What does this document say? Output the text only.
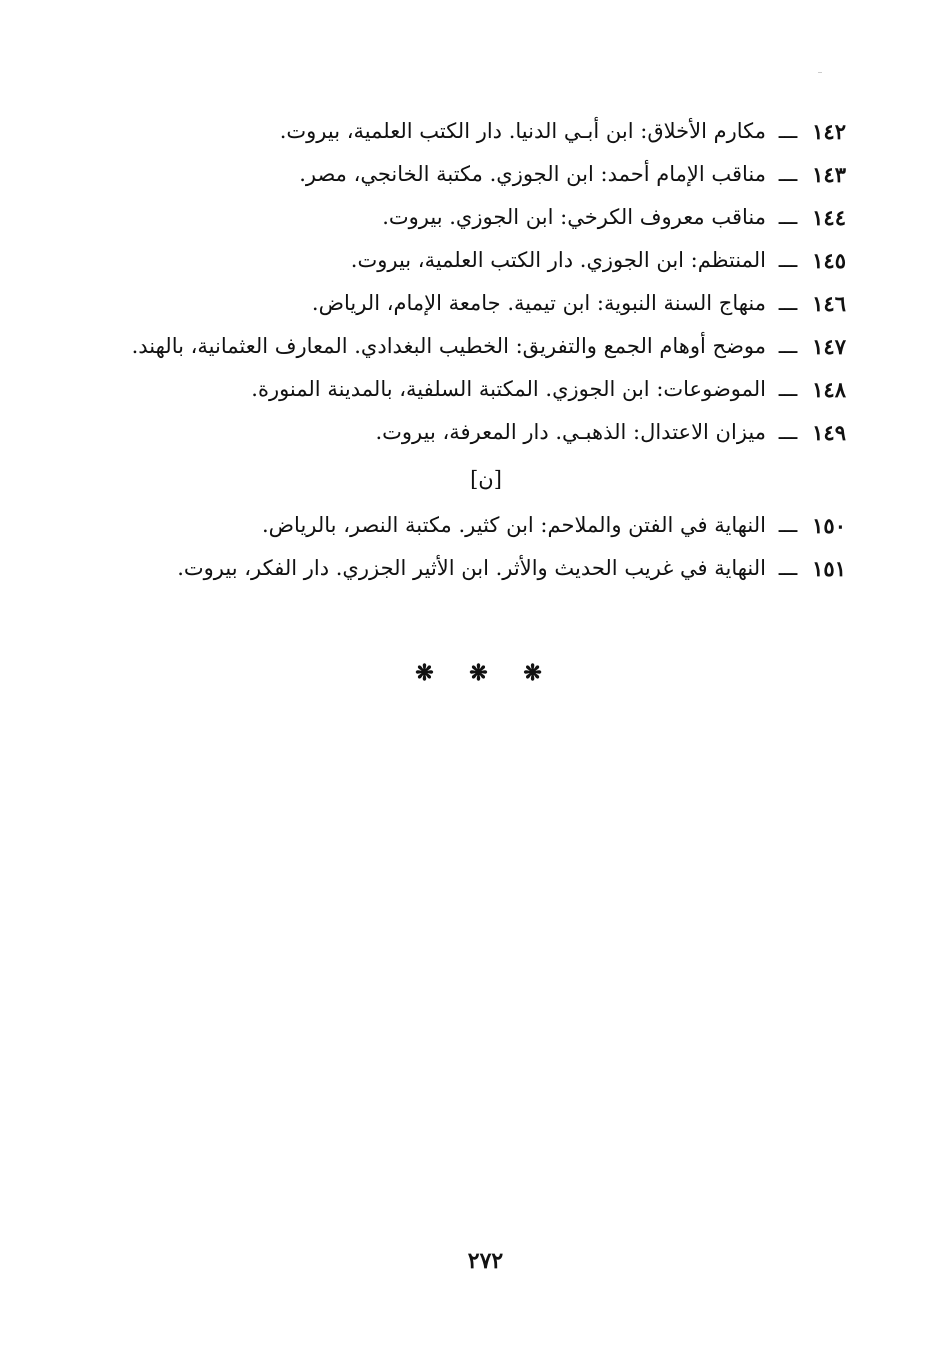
١٤٢
ـــ
مكارم الأخلاق: ابن أبـي الدنيا. دار الكتب العلمية، بيروت.
١٤٣
ـــ
مناقب الإمام أحمد: ابن الجوزي. مكتبة الخانجي، مصر.
١٤٤
ـــ
مناقب معروف الكرخي: ابن الجوزي. بيروت.
١٤٥
ـــ
المنتظم: ابن الجوزي. دار الكتب العلمية، بيروت.
١٤٦
ـــ
منهاج السنة النبوية: ابن تيمية. جامعة الإمام، الرياض.
١٤٧
ـــ
موضح أوهام الجمع والتفريق: الخطيب البغدادي. المعارف العثمانية، بالهند.
١٤٨
ـــ
الموضوعات: ابن الجوزي. المكتبة السلفية، بالمدينة المنورة.
١٤٩
ـــ
ميزان الاعتدال: الذهبـي. دار المعرفة، بيروت.
[ن]
١٥٠
ـــ
النهاية في الفتن والملاحم: ابن كثير. مكتبة النصر، بالرياض.
١٥١
ـــ
النهاية في غريب الحديث والأثر. ابن الأثير الجزري. دار الفكر، بيروت.
❋ ❋ ❋
٢٧٢
